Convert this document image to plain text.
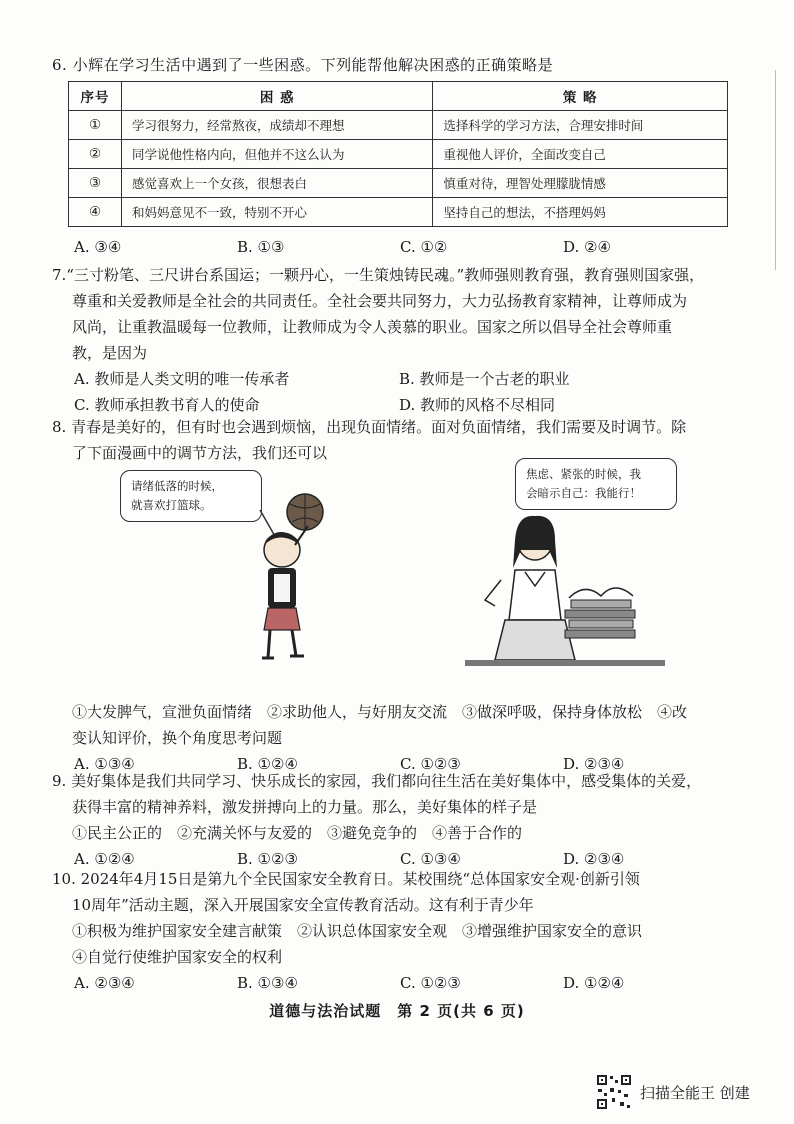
6. 小辉在学习生活中遇到了一些困惑。下列能帮他解决困惑的正确策略是

序号	困 惑	策 略
①	学习很努力，经常熬夜，成绩却不理想	选择科学的学习方法，合理安排时间
②	同学说他性格内向，但他并不这么认为	重视他人评价，全面改变自己
③	感觉喜欢上一个女孩，很想表白	慎重对待，理智处理朦胧情感
④	和妈妈意见不一致，特别不开心	坚持自己的想法，不搭理妈妈
A. ③④	B. ①③	C. ①②	D. ②④

7.“三寸粉笔、三尺讲台系国运；一颗丹心，一生策烛铸民魂。”教师强则教育强，教育强则国家强，

尊重和关爱教师是全社会的共同责任。全社会要共同努力，大力弘扬教育家精神，让尊师成为

风尚，让重教温暖每一位教师，让教师成为令人羡慕的职业。国家之所以倡导全社会尊师重

教，是因为

A. 教师是人类文明的唯一传承者	B. 教师是一个古老的职业
C. 教师承担教书育人的使命	D. 教师的风格不尽相同

8. 青春是美好的，但有时也会遇到烦恼，出现负面情绪。面对负面情绪，我们需要及时调节。除

了下面漫画中的调节方法，我们还可以

请绪低落的时候，
就喜欢打篮球。
焦虑、紧张的时候，我
会暗示自己：我能行！

①大发脾气，宣泄负面情绪　②求助他人，与好朋友交流　③做深呼吸，保持身体放松　④改

变认知评价，换个角度思考问题

A. ①③④	B. ①②④	C. ①②③	D. ②③④

9. 美好集体是我们共同学习、快乐成长的家园，我们都向往生活在美好集体中，感受集体的关爱，

获得丰富的精神养料，激发拼搏向上的力量。那么，美好集体的样子是

①民主公正的　②充满关怀与友爱的　③避免竞争的　④善于合作的

A. ①②④	B. ①②③	C. ①③④	D. ②③④

10. 2024年4月15日是第九个全民国家安全教育日。某校围绕“总体国家安全观·创新引领

10周年”活动主题，深入开展国家安全宣传教育活动。这有利于青少年

①积极为维护国家安全建言献策　②认识总体国家安全观　③增强维护国家安全的意识

④自觉行使维护国家安全的权利

A. ②③④	B. ①③④	C. ①②③	D. ①②④
道德与法治试题　第 2 页(共 6 页)
扫描全能王 创建
